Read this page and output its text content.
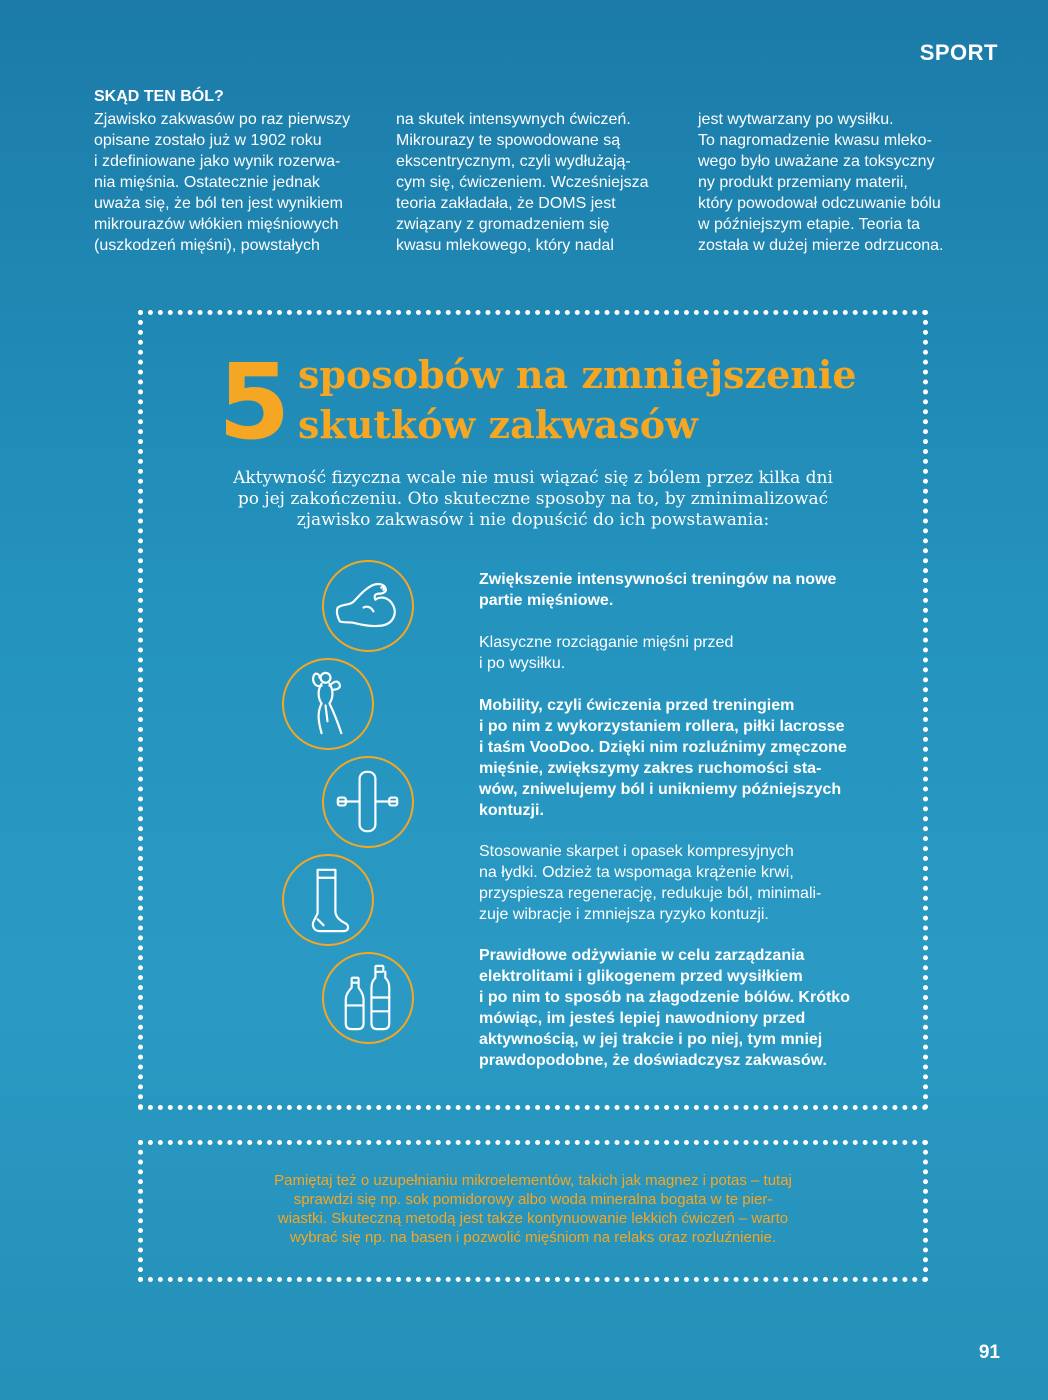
SPORT
SKĄD TEN BÓL?
Zjawisko zakwasów po raz pierwszy
opisane zostało już w 1902 roku
i zdefiniowane jako wynik rozerwa-
nia mięśnia. Ostatecznie jednak
uważa się, że ból ten jest wynikiem
mikrourazów włókien mięśniowych
(uszkodzeń mięśni), powstałych
na skutek intensywnych ćwiczeń.
Mikrourazy te spowodowane są
ekscentrycznym, czyli wydłużają-
cym się, ćwiczeniem. Wcześniejsza
teoria zakładała, że DOMS jest
związany z gromadzeniem się
kwasu mlekowego, który nadal
jest wytwarzany po wysiłku.
To nagromadzenie kwasu mleko-
wego było uważane za toksyczny
ny produkt przemiany materii,
który powodował odczuwanie bólu
w późniejszym etapie. Teoria ta
została w dużej mierze odrzucona.
5 sposobów na zmniejszenie
skutków zakwasów
Aktywność fizyczna wcale nie musi wiązać się z bólem przez kilka dni
po jej zakończeniu. Oto skuteczne sposoby na to, by zminimalizować
zjawisko zakwasów i nie dopuścić do ich powstawania:
Zwiększenie intensywności treningów na nowe
partie mięśniowe.
Klasyczne rozciąganie mięśni przed
i po wysiłku.
Mobility, czyli ćwiczenia przed treningiem
i po nim z wykorzystaniem rollera, piłki lacrosse
i taśm VooDoo. Dzięki nim rozluźnimy zmęczone
mięśnie, zwiększymy zakres ruchomości sta-
wów, zniwelujemy ból i unikniemy późniejszych
kontuzji.
Stosowanie skarpet i opasek kompresyjnych
na łydki. Odzież ta wspomaga krążenie krwi,
przyspiesza regenerację, redukuje ból, minimali-
zuje wibracje i zmniejsza ryzyko kontuzji.
Prawidłowe odżywianie w celu zarządzania
elektrolitami i glikogenem przed wysiłkiem
i po nim to sposób na złagodzenie bólów. Krótko
mówiąc, im jesteś lepiej nawodniony przed
aktywnością, w jej trakcie i po niej, tym mniej
prawdopodobne, że doświadczysz zakwasów.
Pamiętaj też o uzupełnianiu mikroelementów, takich jak magnez i potas – tutaj
sprawdzi się np. sok pomidorowy albo woda mineralna bogata w te pier-
wiastki. Skuteczną metodą jest także kontynuowanie lekkich ćwiczeń – warto
wybrać się np. na basen i pozwolić mięśniom na relaks oraz rozluźnienie.
91
